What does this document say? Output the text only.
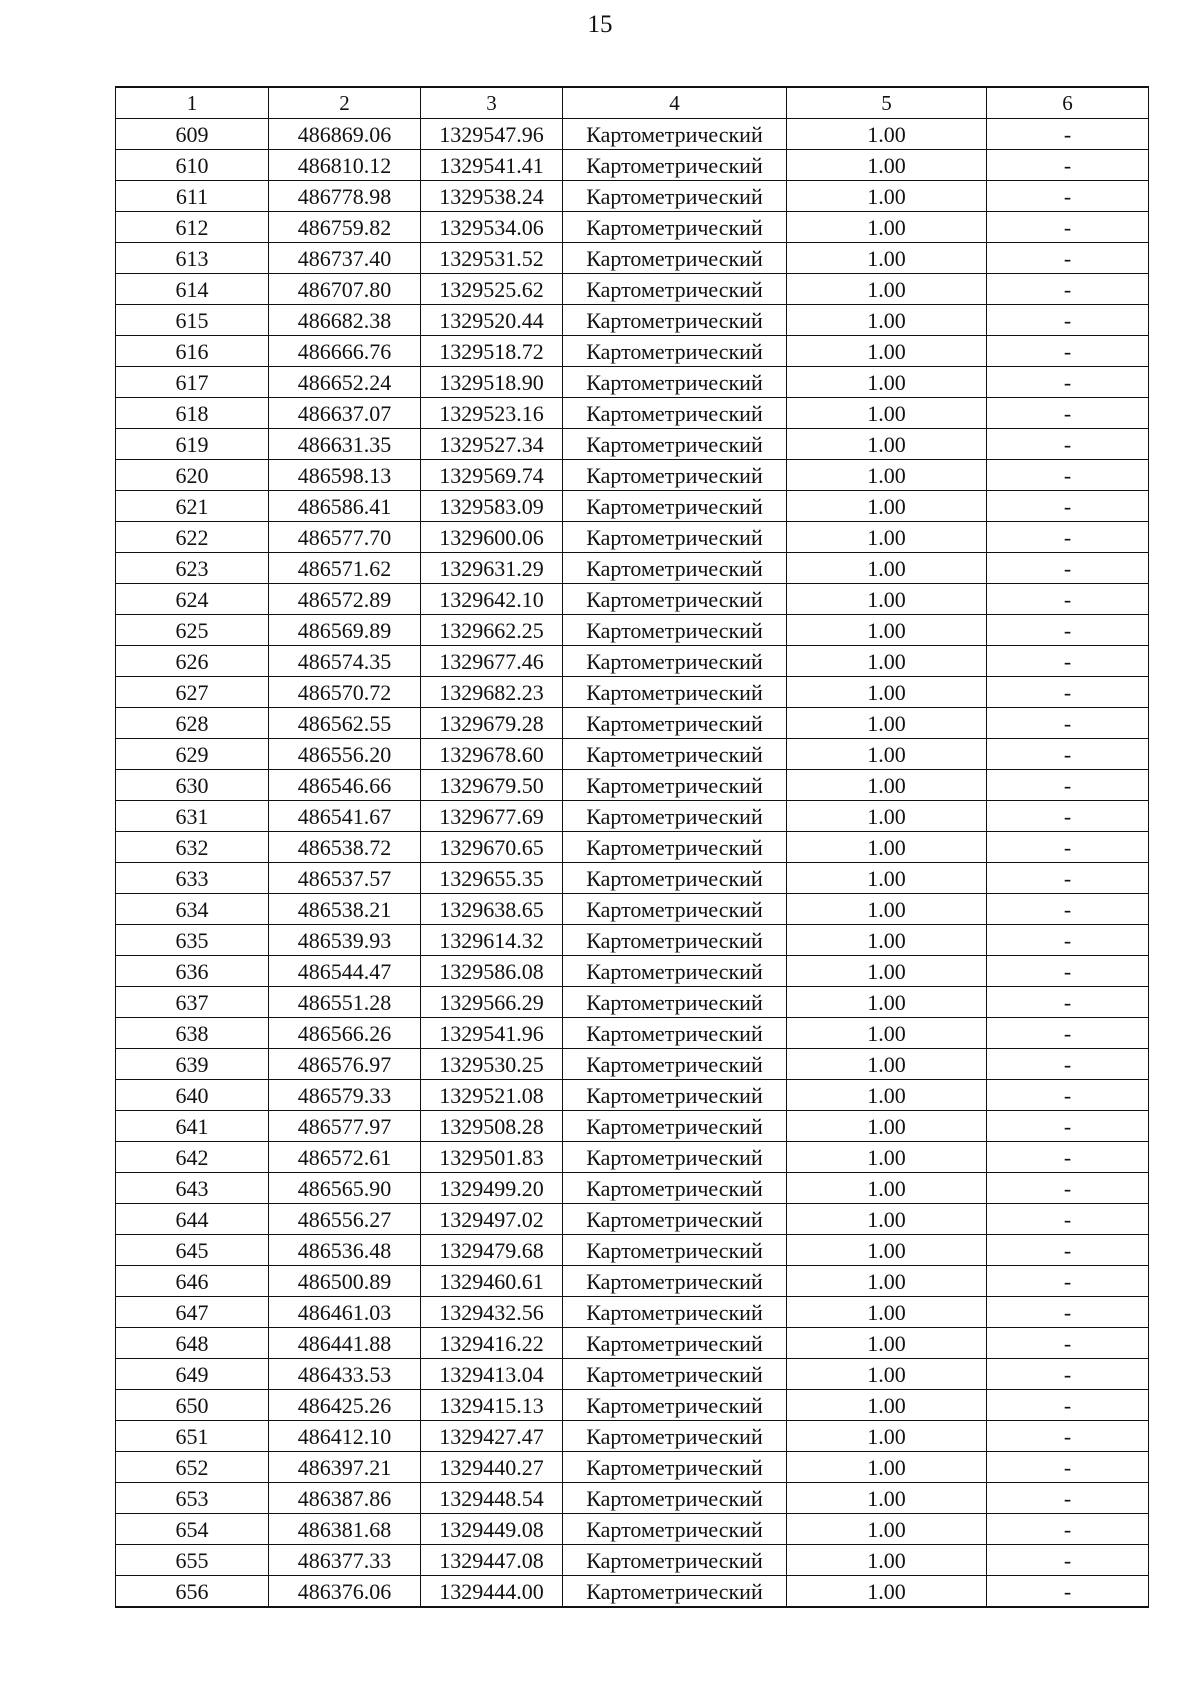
15
1	2	3	4	5	6
609	486869.06	1329547.96	Картометрический	1.00	-
610	486810.12	1329541.41	Картометрический	1.00	-
611	486778.98	1329538.24	Картометрический	1.00	-
612	486759.82	1329534.06	Картометрический	1.00	-
613	486737.40	1329531.52	Картометрический	1.00	-
614	486707.80	1329525.62	Картометрический	1.00	-
615	486682.38	1329520.44	Картометрический	1.00	-
616	486666.76	1329518.72	Картометрический	1.00	-
617	486652.24	1329518.90	Картометрический	1.00	-
618	486637.07	1329523.16	Картометрический	1.00	-
619	486631.35	1329527.34	Картометрический	1.00	-
620	486598.13	1329569.74	Картометрический	1.00	-
621	486586.41	1329583.09	Картометрический	1.00	-
622	486577.70	1329600.06	Картометрический	1.00	-
623	486571.62	1329631.29	Картометрический	1.00	-
624	486572.89	1329642.10	Картометрический	1.00	-
625	486569.89	1329662.25	Картометрический	1.00	-
626	486574.35	1329677.46	Картометрический	1.00	-
627	486570.72	1329682.23	Картометрический	1.00	-
628	486562.55	1329679.28	Картометрический	1.00	-
629	486556.20	1329678.60	Картометрический	1.00	-
630	486546.66	1329679.50	Картометрический	1.00	-
631	486541.67	1329677.69	Картометрический	1.00	-
632	486538.72	1329670.65	Картометрический	1.00	-
633	486537.57	1329655.35	Картометрический	1.00	-
634	486538.21	1329638.65	Картометрический	1.00	-
635	486539.93	1329614.32	Картометрический	1.00	-
636	486544.47	1329586.08	Картометрический	1.00	-
637	486551.28	1329566.29	Картометрический	1.00	-
638	486566.26	1329541.96	Картометрический	1.00	-
639	486576.97	1329530.25	Картометрический	1.00	-
640	486579.33	1329521.08	Картометрический	1.00	-
641	486577.97	1329508.28	Картометрический	1.00	-
642	486572.61	1329501.83	Картометрический	1.00	-
643	486565.90	1329499.20	Картометрический	1.00	-
644	486556.27	1329497.02	Картометрический	1.00	-
645	486536.48	1329479.68	Картометрический	1.00	-
646	486500.89	1329460.61	Картометрический	1.00	-
647	486461.03	1329432.56	Картометрический	1.00	-
648	486441.88	1329416.22	Картометрический	1.00	-
649	486433.53	1329413.04	Картометрический	1.00	-
650	486425.26	1329415.13	Картометрический	1.00	-
651	486412.10	1329427.47	Картометрический	1.00	-
652	486397.21	1329440.27	Картометрический	1.00	-
653	486387.86	1329448.54	Картометрический	1.00	-
654	486381.68	1329449.08	Картометрический	1.00	-
655	486377.33	1329447.08	Картометрический	1.00	-
656	486376.06	1329444.00	Картометрический	1.00	-
